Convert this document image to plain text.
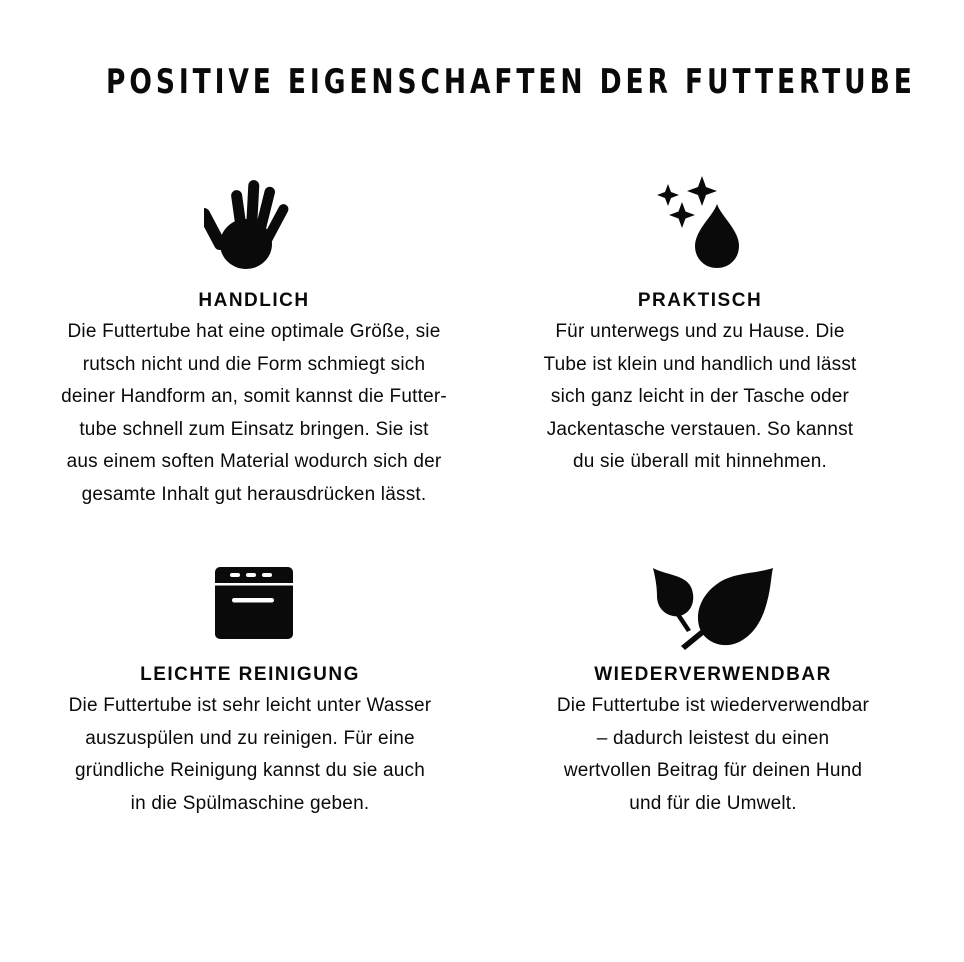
POSITIVE EIGENSCHAFTEN DER FUTTERTUBE
HANDLICH
Die Futtertube hat eine optimale Größe, sie
rutsch nicht und die Form schmiegt sich
deiner Handform an, somit kannst die Futter-
tube schnell zum Einsatz bringen. Sie ist
aus einem soften Material wodurch sich der
gesamte Inhalt gut herausdrücken lässt.
PRAKTISCH
Für unterwegs und zu Hause. Die
Tube ist klein und handlich und lässt
sich ganz leicht in der Tasche oder
Jackentasche verstauen. So kannst
du sie überall mit hinnehmen.
LEICHTE REINIGUNG
Die Futtertube ist sehr leicht unter Wasser
auszuspülen und zu reinigen. Für eine
gründliche Reinigung kannst du sie auch
in die Spülmaschine geben.
WIEDERVERWENDBAR
Die Futtertube ist wiederverwendbar
– dadurch leistest du einen
wertvollen Beitrag für deinen Hund
und für die Umwelt.
